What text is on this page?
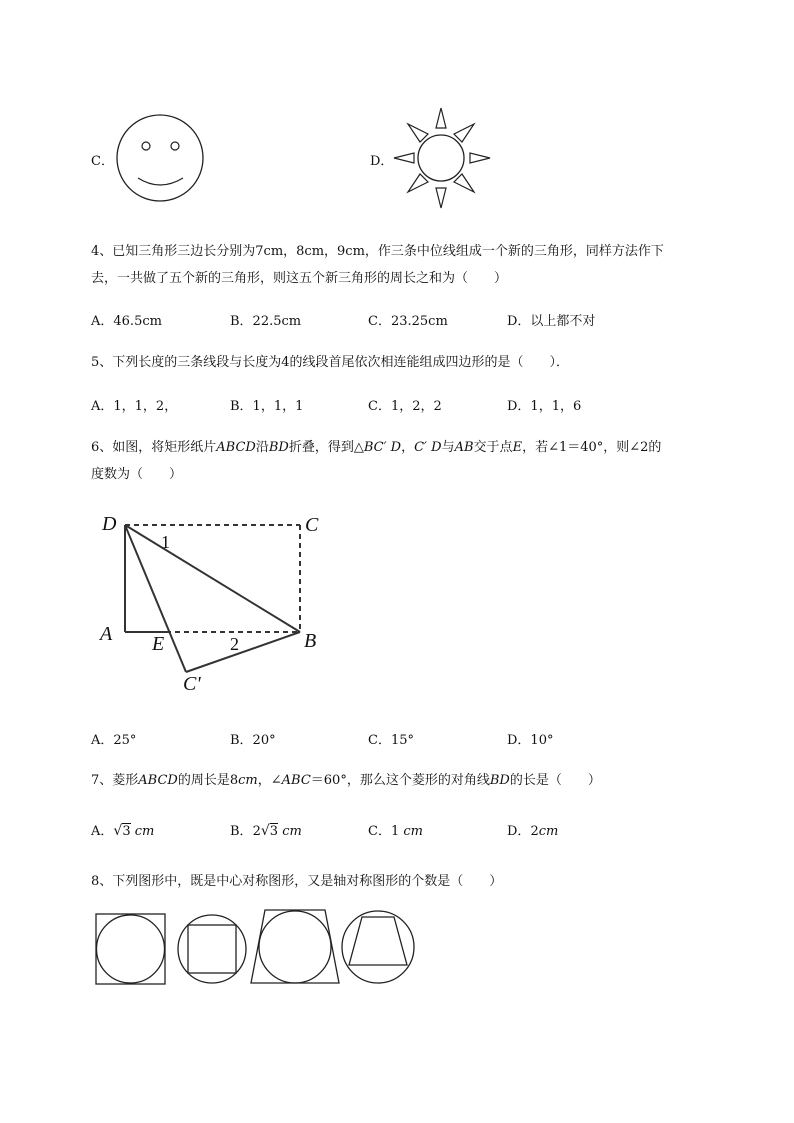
C．	D．
4、已知三角形三边长分别为7cm，8cm，9cm，作三条中位线组成一个新的三角形，同样方法作下
去，一共做了五个新的三角形，则这五个新三角形的周长之和为（　　）
A．46.5cm	B．22.5cm	C．23.25cm	D．以上都不对
5、下列长度的三条线段与长度为4的线段首尾依次相连能组成四边形的是（　　）．
A．1，1，2，	B．1，1，1	C．1，2，2	D．1，1，6
6、如图，将矩形纸片ABCD沿BD折叠，得到△BC′ D，C′ D与AB交于点E，若∠1＝40°，则∠2的
度数为（　　）
D	C
A E	B
C'
1
2
A．25°	B．20°	C．15°	D．10°
7、菱形ABCD的周长是8cm，∠ABC＝60°，那么这个菱形的对角线BD的长是（　　）
A．√3 cm	B．2√3 cm	C．1 cm	D．2cm
8、下列图形中，既是中心对称图形，又是轴对称图形的个数是（　　）
